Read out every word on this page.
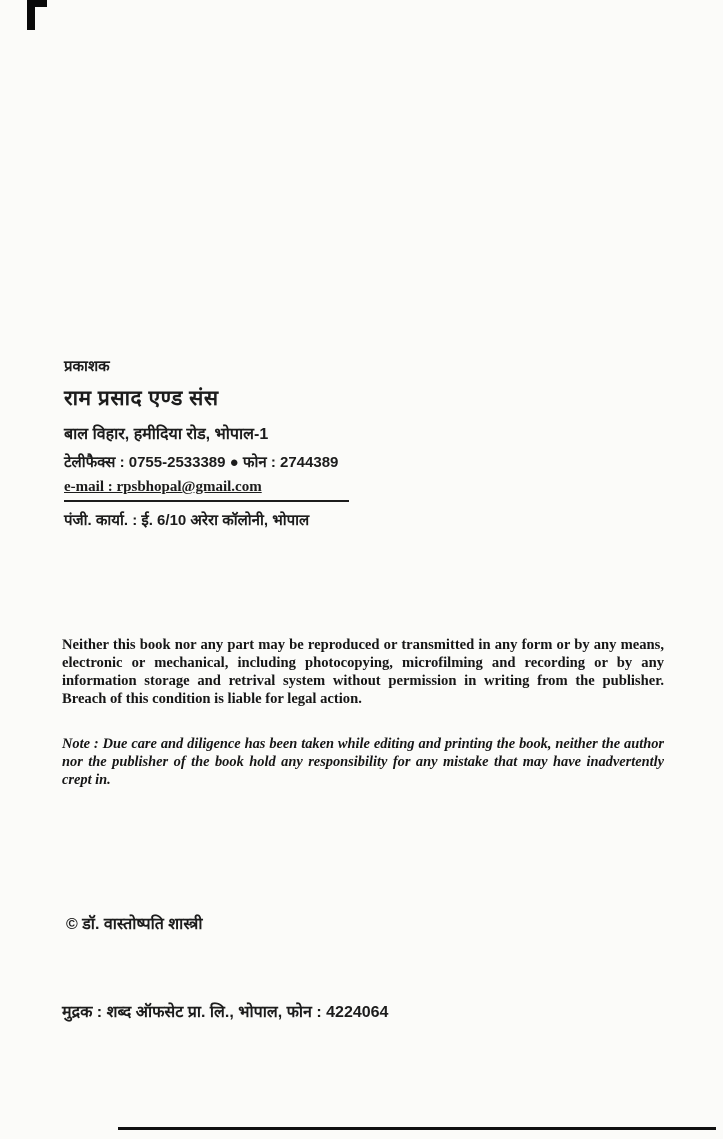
प्रकाशक
राम प्रसाद एण्ड संस
बाल विहार, हमीदिया रोड, भोपाल-1
टेलीफैक्स : 0755-2533389 ● फोन : 2744389
e-mail : rpsbhopal@gmail.com
पंजी. कार्या. : ई. 6/10 अरेरा कॉलोनी, भोपाल
Neither this book nor any part may be reproduced or transmitted in any form or by any means, electronic or mechanical, including photocopying, microfilming and recording or by any information storage and retrival system without permission in writing from the publisher. Breach of this condition is liable for legal action.
Note : Due care and diligence has been taken while editing and printing the book, neither the author nor the publisher of the book hold any responsibility for any mistake that may have inadvertently crept in.
© डॉ. वास्तोष्पति शास्त्री
मुद्रक : शब्द ऑफसेट प्रा. लि., भोपाल, फोन : 4224064
